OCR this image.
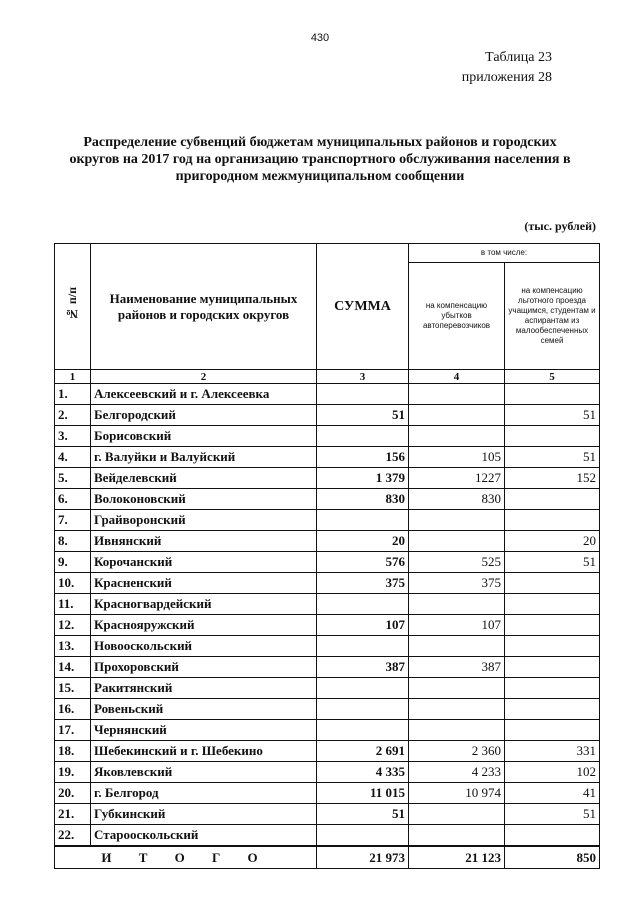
430
Таблица 23
приложения 28
Распределение субвенций бюджетам муниципальных районов и городских округов на 2017 год на организацию транспортного обслуживания населения в пригородном межмуниципальном сообщении
(тыс. рублей)
№ п/п	Наименование муниципальных районов и городских округов	СУММА	в том числе:	
			на компенсацию убытков автоперевозчиков	на компенсацию льготного проезда учащимся, студентам и аспирантам из малообеспеченных семей
1	2	3	4	5
1.	Алексеевский и г. Алексеевка			
2.	Белгородский	51		51
3.	Борисовский			
4.	г. Валуйки и Валуйский	156	105	51
5.	Вейделевский	1 379	1227	152
6.	Волоконовский	830	830	
7.	Грайворонский			
8.	Ивнянский	20		20
9.	Корочанский	576	525	51
10.	Красненский	375	375	
11.	Красногвардейский			
12.	Краснояружский	107	107	
13.	Новооскольский			
14.	Прохоровский	387	387	
15.	Ракитянский			
16.	Ровеньский			
17.	Чернянский			
18.	Шебекинский и г. Шебекино	2 691	2 360	331
19.	Яковлевский	4 335	4 233	102
20.	г. Белгород	11 015	10 974	41
21.	Губкинский	51		51
22.	Старооскольский			
И Т О Г О		21 973	21 123	850
